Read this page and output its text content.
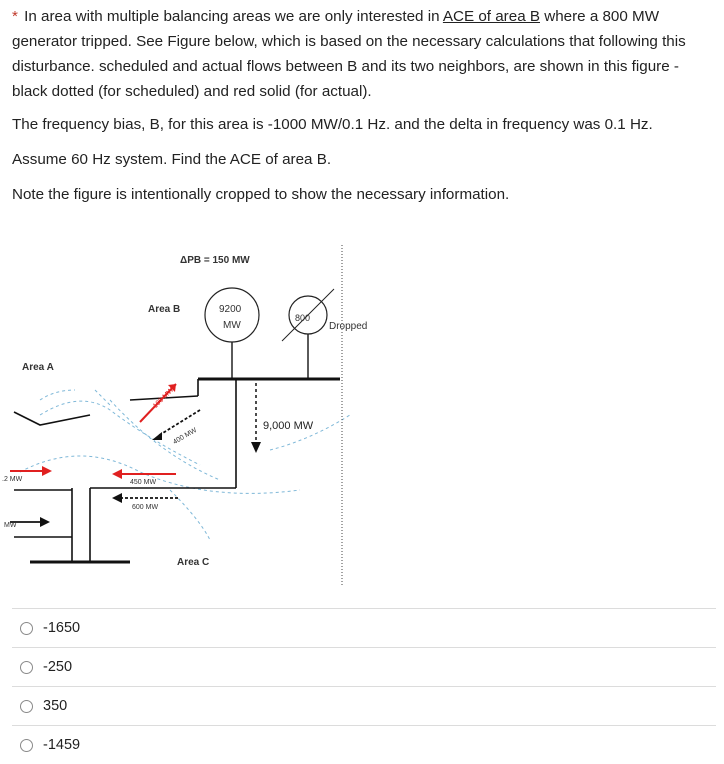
* In area with multiple balancing areas we are only interested in ACE of area B where a 800 MW generator tripped. See Figure below, which is based on the necessary calculations that following this disturbance. scheduled and actual flows between B and its two neighbors, are shown in this figure - black dotted (for scheduled) and red solid (for actual).

The frequency bias, B, for this area is -1000 MW/0.1 Hz. and the delta in frequency was 0.1 Hz.

Assume 60 Hz system. Find the ACE of area B.

Note the figure is intentionally cropped to show the necessary information.

ΔPB = 150 MW
Area B	9200
MW
800
Dropped
Area A
100 MW
400 MW
9,000 MW
.2 MW	450 MW
600 MW
MW
Area C
-1650
-250
350
-1459
